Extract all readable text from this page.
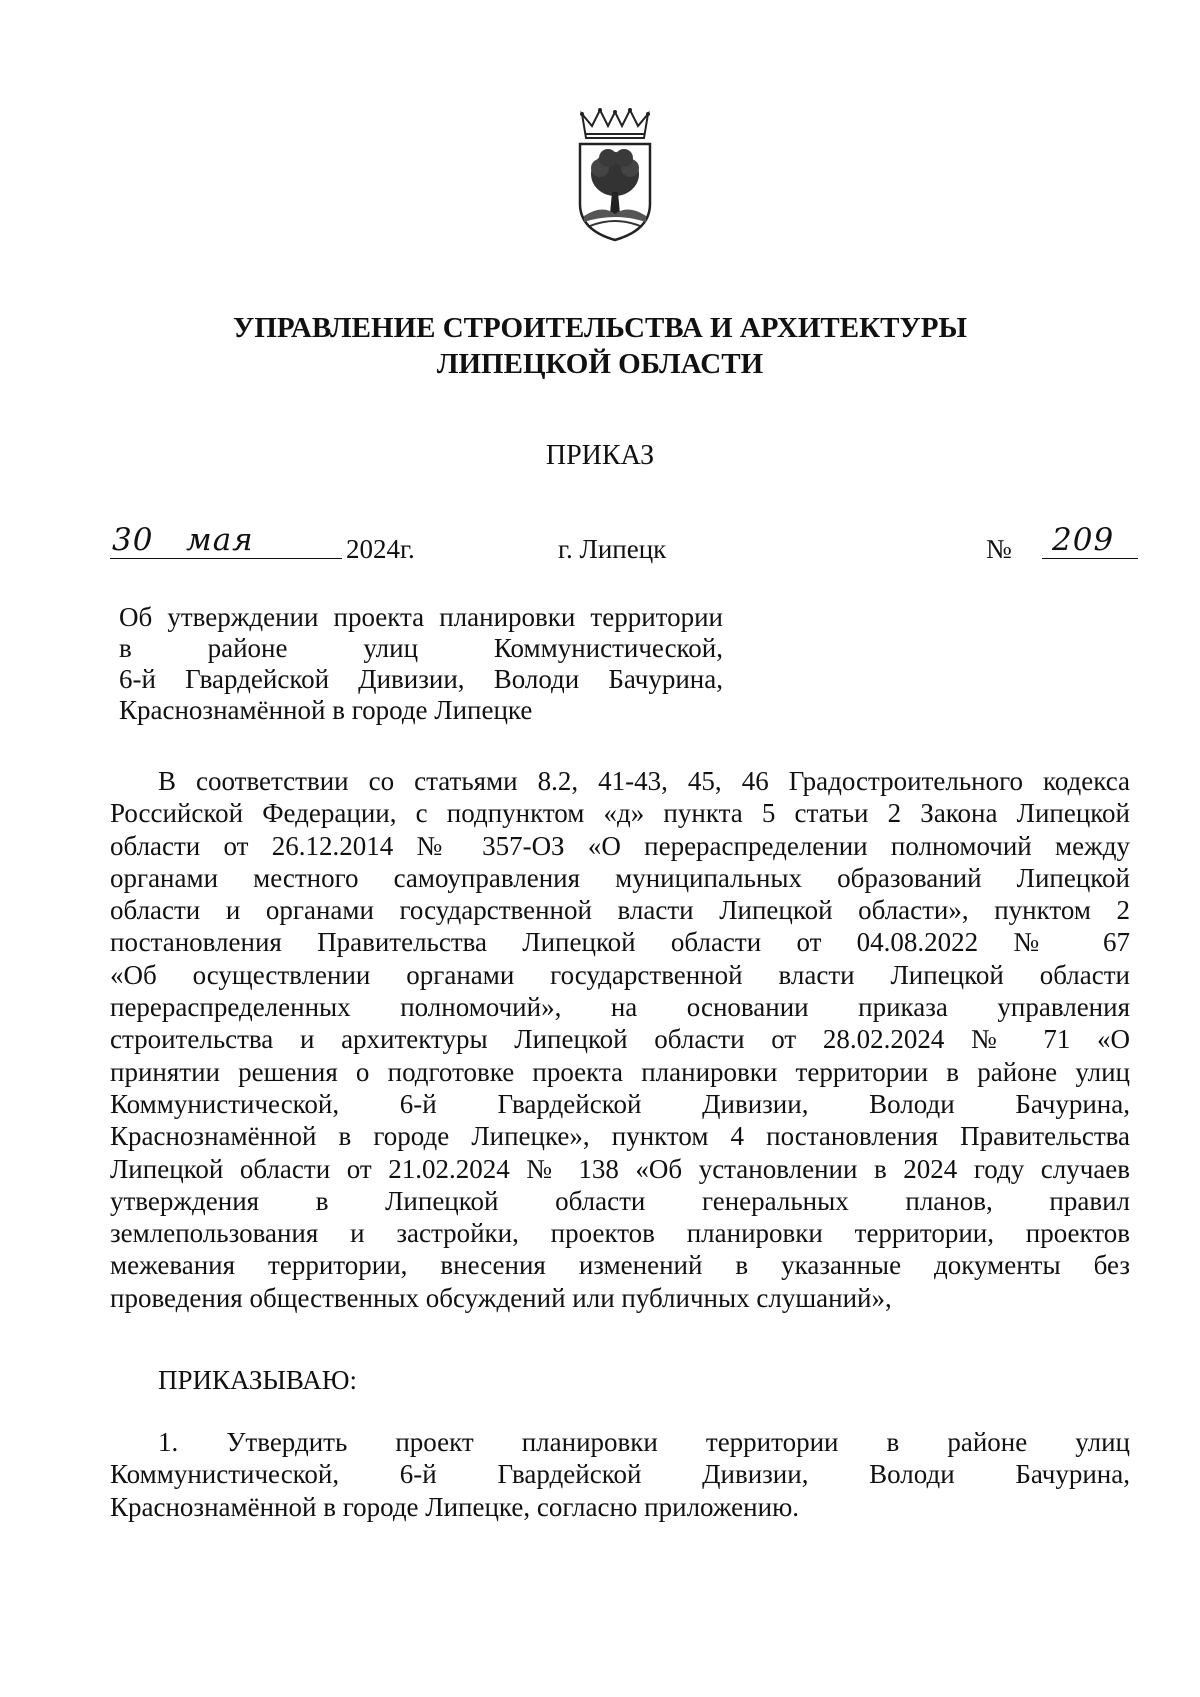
УПРАВЛЕНИЕ СТРОИТЕЛЬСТВА И АРХИТЕКТУРЫ
ЛИПЕЦКОЙ ОБЛАСТИ
ПРИКАЗ
30 мая	2024г.	г. Липецк	№ 209
Об утверждении проекта планировки территории
в районе улиц Коммунистической,
6-й Гвардейской Дивизии, Володи Бачурина,
Краснознамённой в городе Липецке
В соответствии со статьями 8.2, 41-43, 45, 46 Градостроительного кодекса
Российской Федерации, с подпунктом «д» пункта 5 статьи 2 Закона Липецкой
области от 26.12.2014 № 357-ОЗ «О перераспределении полномочий между
органами местного самоуправления муниципальных образований Липецкой
области и органами государственной власти Липецкой области», пунктом 2
постановления Правительства Липецкой области от 04.08.2022 № 67
«Об осуществлении органами государственной власти Липецкой области
перераспределенных полномочий», на основании приказа управления
строительства и архитектуры Липецкой области от 28.02.2024 № 71 «О
принятии решения о подготовке проекта планировки территории в районе улиц
Коммунистической, 6-й Гвардейской Дивизии, Володи Бачурина,
Краснознамённой в городе Липецке», пунктом 4 постановления Правительства
Липецкой области от 21.02.2024 № 138 «Об установлении в 2024 году случаев
утверждения в Липецкой области генеральных планов, правил
землепользования и застройки, проектов планировки территории, проектов
межевания территории, внесения изменений в указанные документы без
проведения общественных обсуждений или публичных слушаний»,
ПРИКАЗЫВАЮ:
1. Утвердить проект планировки территории в районе улиц
Коммунистической, 6-й Гвардейской Дивизии, Володи Бачурина,
Краснознамённой в городе Липецке, согласно приложению.
